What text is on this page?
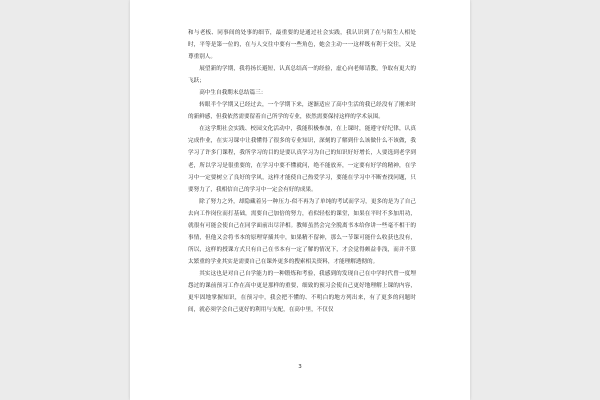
和与老板、同事间的处事的细节，最重要的是通过社会实践，我认识到了在与陌生人相处时，平等是第一位的，在与人交往中要有一些角色，她会主动一一这样既有利于交往，又是尊重别人。

展望新的学期，我将扬长避短，认真总结高一的经验，虚心向老师请教，争取有更大的飞跃；

高中生自我期末总结篇三：

转眼半个学期又已经过去，一个学期下来，逐渐适应了高中生活的我已经没有了刚来时的新鲜感，但我依然需要留着自己所学的专业，依然需要保持这样的学术氛围。

在这学期社会实践、校园文化活动中，我能积极参加，在上课时，能遵守好纪律，认真完成作业，在实习课中让我懂得了很多的专业知识，深刻的了解到什么该做什么不该做，我学习了许多门课程，我所学习的目的是要认真学习为自己的知识好好增长，人要选到老学到老，所以学习是很重要的，在学习中要不懂就问，绝不能放弃，一定要有好学的精神，在学习中一定要树立了良好的学风，这样才能使自己热爱学习，要能在学习中不断查找问题，只要努力了，我相信自己的学习中一定会有好的成果。

除了努力之外，却隐藏着另一种压力-似不再为了单纯的考试而学习，更多的是为了自己去向工作岗位而打基础，需要自己加倍的努力，看似轻松的课堂，如果在平时不多加用功，就很有可能会使自己在同学面前出尽洋相。教师虽然会完全脱离书本给你讲一些毫不相干的事情，但他又会将书本的原理穿插其中，如果精不留神，那么一节课可能什么收获也没有，所以，这样的授课方式只有自己在书本有一定了解的情况下，才会觉得颇益非浅，而并不算太繁重的学业其实是需要自己在课外更多的搜索相关资料，才能理解透彻的。

其实这也是对自己自学能力的一种锻炼和考验，我感到的发现自己在中学时代曾一度埋怨过的课前预习工作在高中更是那样的重要，细致的预习会使自己更好地理解上课的内容，更牢固地掌握知识，在预习中，我会把不懂的、不明白的地方列出来，有了更多的问题时间，就必须学会自己更好的利用与支配，在高中里，不仅仅

3
